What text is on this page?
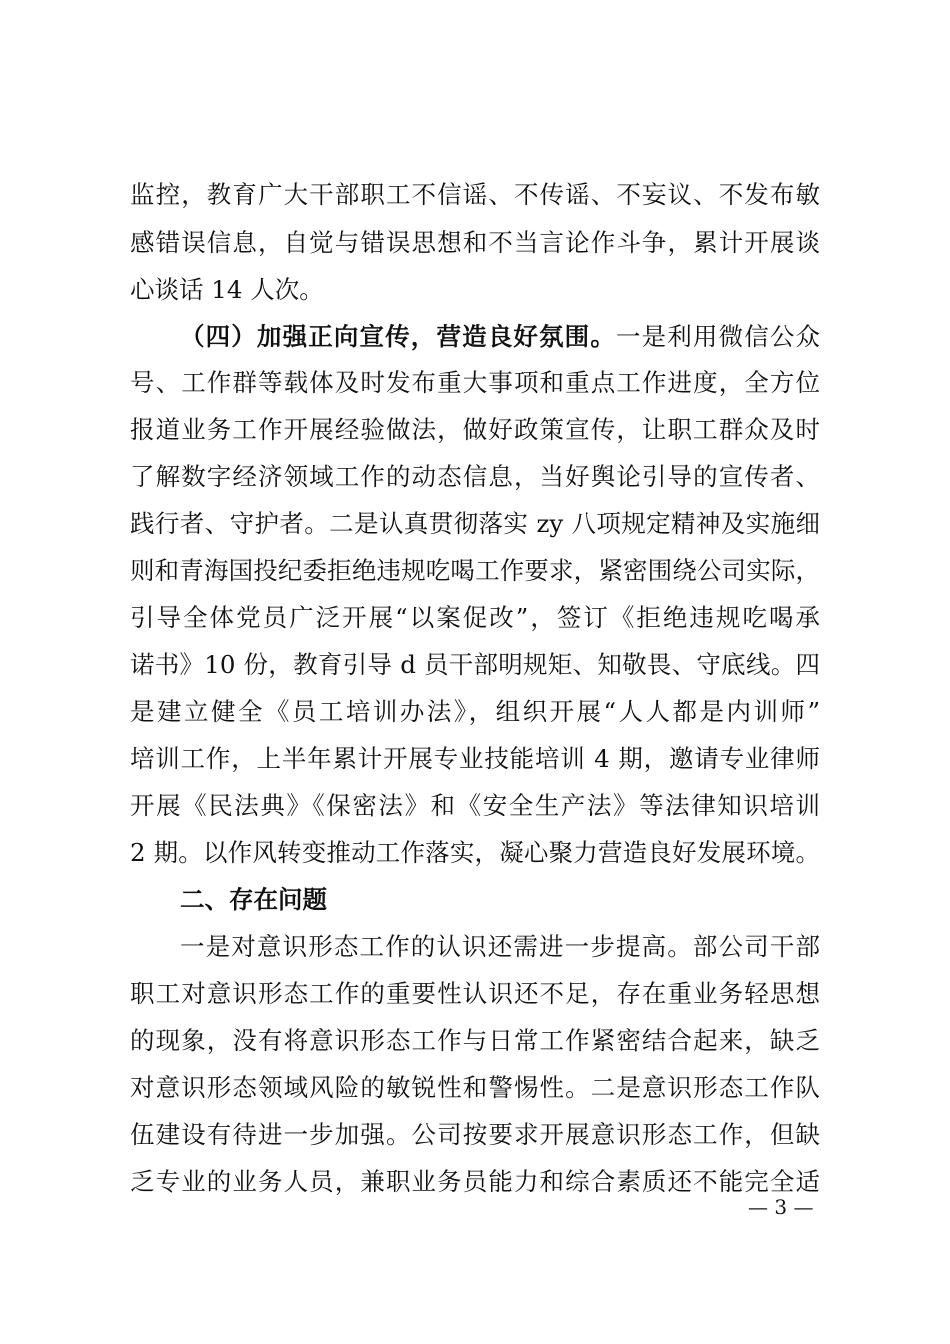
监控，教育广大干部职工不信谣、不传谣、不妄议、不发布敏
感错误信息，自觉与错误思想和不当言论作斗争，累计开展谈
心谈话 14 人次。
（四）加强正向宣传，营造良好氛围。一是利用微信公众
号、工作群等载体及时发布重大事项和重点工作进度，全方位
报道业务工作开展经验做法，做好政策宣传，让职工群众及时
了解数字经济领域工作的动态信息，当好舆论引导的宣传者、
践行者、守护者。二是认真贯彻落实 zy 八项规定精神及实施细
则和青海国投纪委拒绝违规吃喝工作要求，紧密围绕公司实际，
引导全体党员广泛开展“以案促改”，签订《拒绝违规吃喝承
诺书》10 份，教育引导 d 员干部明规矩、知敬畏、守底线。四
是建立健全《员工培训办法》，组织开展“人人都是内训师”
培训工作，上半年累计开展专业技能培训 4 期，邀请专业律师
开展《民法典》《保密法》和《安全生产法》等法律知识培训
2 期。以作风转变推动工作落实，凝心聚力营造良好发展环境。
二、存在问题
一是对意识形态工作的认识还需进一步提高。部公司干部
职工对意识形态工作的重要性认识还不足，存在重业务轻思想
的现象，没有将意识形态工作与日常工作紧密结合起来，缺乏
对意识形态领域风险的敏锐性和警惕性。二是意识形态工作队
伍建设有待进一步加强。公司按要求开展意识形态工作，但缺
乏专业的业务人员，兼职业务员能力和综合素质还不能完全适
— 3 —
